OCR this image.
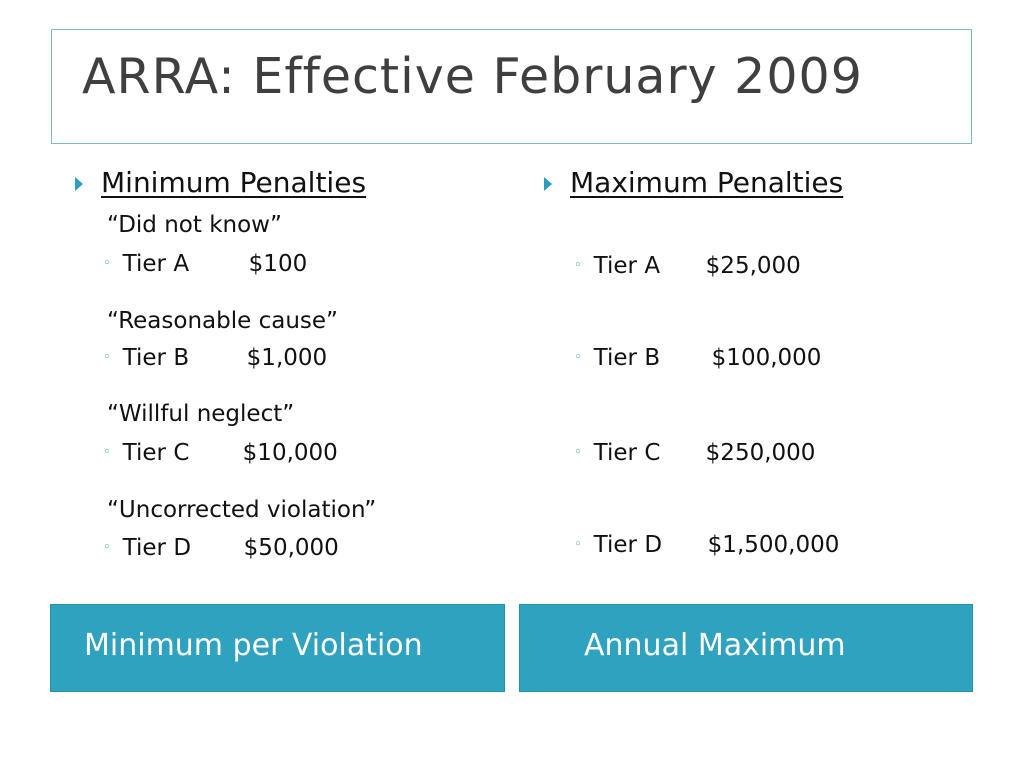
ARRA: Effective February 2009
Minimum Penalties
“Did not know”
◦ Tier A	$100
“Reasonable cause”
◦ Tier B	$1,000
“Willful neglect”
◦ Tier C	$10,000
“Uncorrected violation”
◦ Tier D	$50,000
Maximum Penalties
◦ Tier A	$25,000
◦ Tier B	$100,000
◦ Tier C	$250,000
◦ Tier D	$1,500,000
Minimum per Violation	Annual Maximum
